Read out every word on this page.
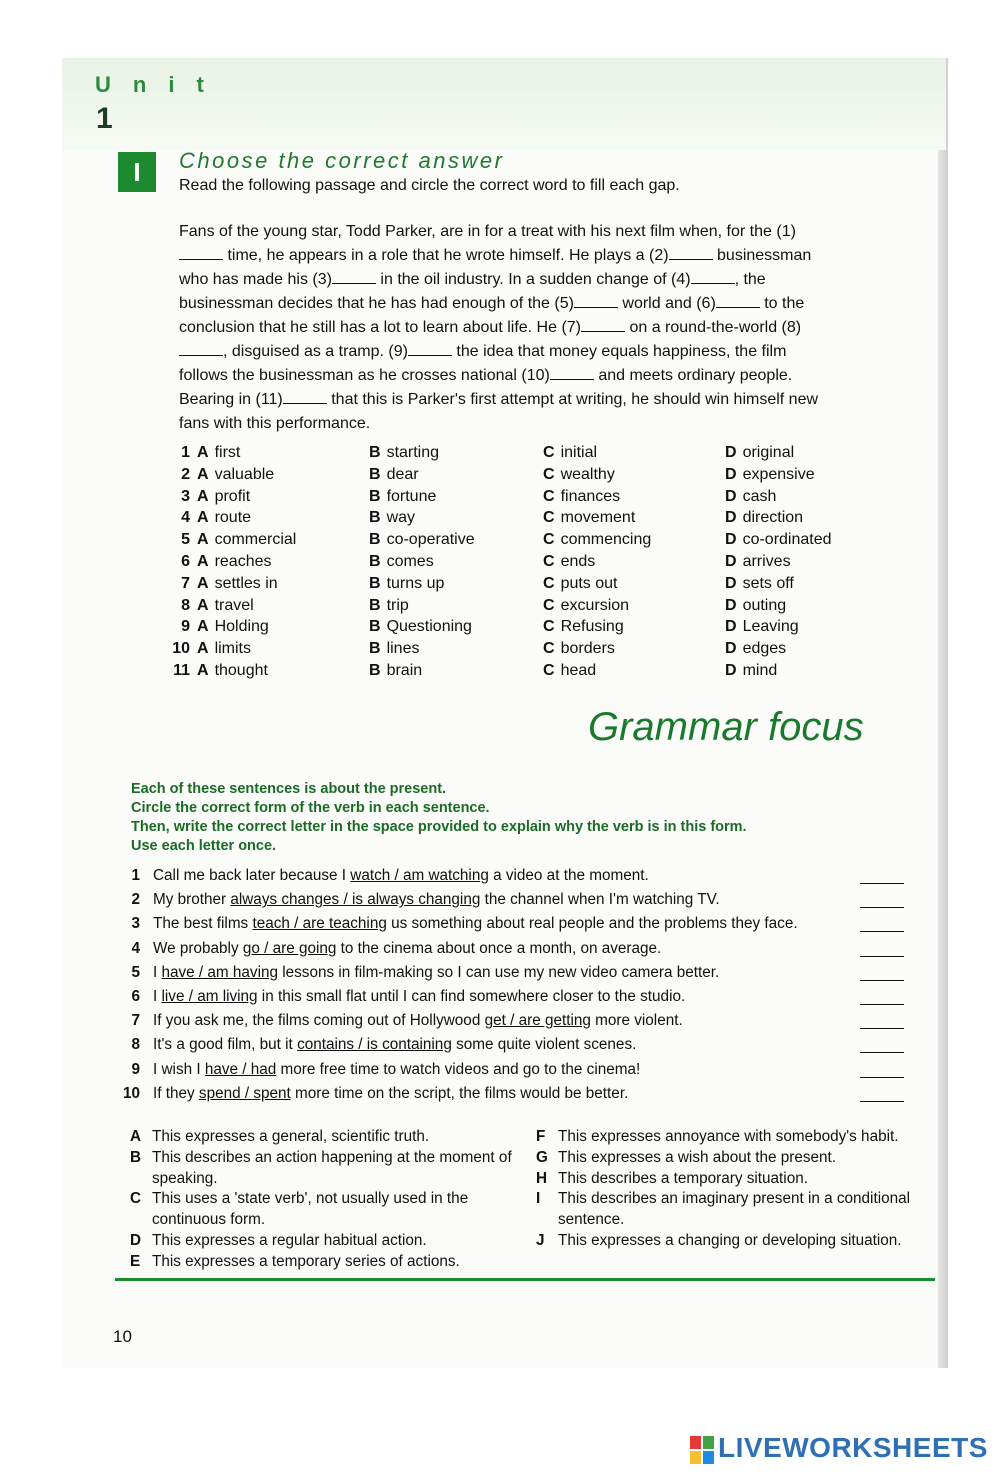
Unit
1
I	Choose the correct answer
Read the following passage and circle the correct word to fill each gap.
Fans of the young star, Todd Parker, are in for a treat with his next film when, for the (1) time, he appears in a role that he wrote himself. He plays a (2)	businessman who has made his (3)	in the oil industry. In a sudden change of (4)	, the businessman decides that he has had enough of the (5)	world and (6)	to the conclusion that he still has a lot to learn about life. He (7)	on a round-the-world (8), disguised as a tramp. (9)	the idea that money equals happiness, the film follows the businessman as he crosses national (10)	and meets ordinary people. Bearing in (11)	that this is Parker's first attempt at writing, he should win himself new fans with this performance.
1 A first	B starting	C initial	D original
2 A valuable	B dear	C wealthy	D expensive
3 A profit	B fortune	C finances	D cash
4 A route	B way	C movement	D direction
5 A commercial	B co-operative	C commencing	D co-ordinated
6 A reaches	B comes	C ends	D arrives
7 A settles in	B turns up	C puts out	D sets off
8 A travel	B trip	C excursion	D outing
9 A Holding	B Questioning	C Refusing	D Leaving
10 A limits	B lines	C borders	D edges
11 A thought	B brain	C head	D mind
Grammar focus
Each of these sentences is about the present.
Circle the correct form of the verb in each sentence.
Then, write the correct letter in the space provided to explain why the verb is in this form.
Use each letter once.
1 Call me back later because I watch / am watching a video at the moment.
2 My brother always changes / is always changing the channel when I'm watching TV.
3 The best films teach / are teaching us something about real people and the problems they face.
4 We probably go / are going to the cinema about once a month, on average.
5 I have / am having lessons in film-making so I can use my new video camera better.
6 I live / am living in this small flat until I can find somewhere closer to the studio.
7 If you ask me, the films coming out of Hollywood get / are getting more violent.
8 It's a good film, but it contains / is containing some quite violent scenes.
9 I wish I have / had more free time to watch videos and go to the cinema!
10 If they spend / spent more time on the script, the films would be better.
A This expresses a general, scientific truth.
B This describes an action happening at the moment of speaking.
C This uses a 'state verb', not usually used in the continuous form.
D This expresses a regular habitual action.
E This expresses a temporary series of actions.
F This expresses annoyance with somebody's habit.
G This expresses a wish about the present.
H This describes a temporary situation.
I This describes an imaginary present in a conditional sentence.
J This expresses a changing or developing situation.
10
LIVEWORKSHEETS
